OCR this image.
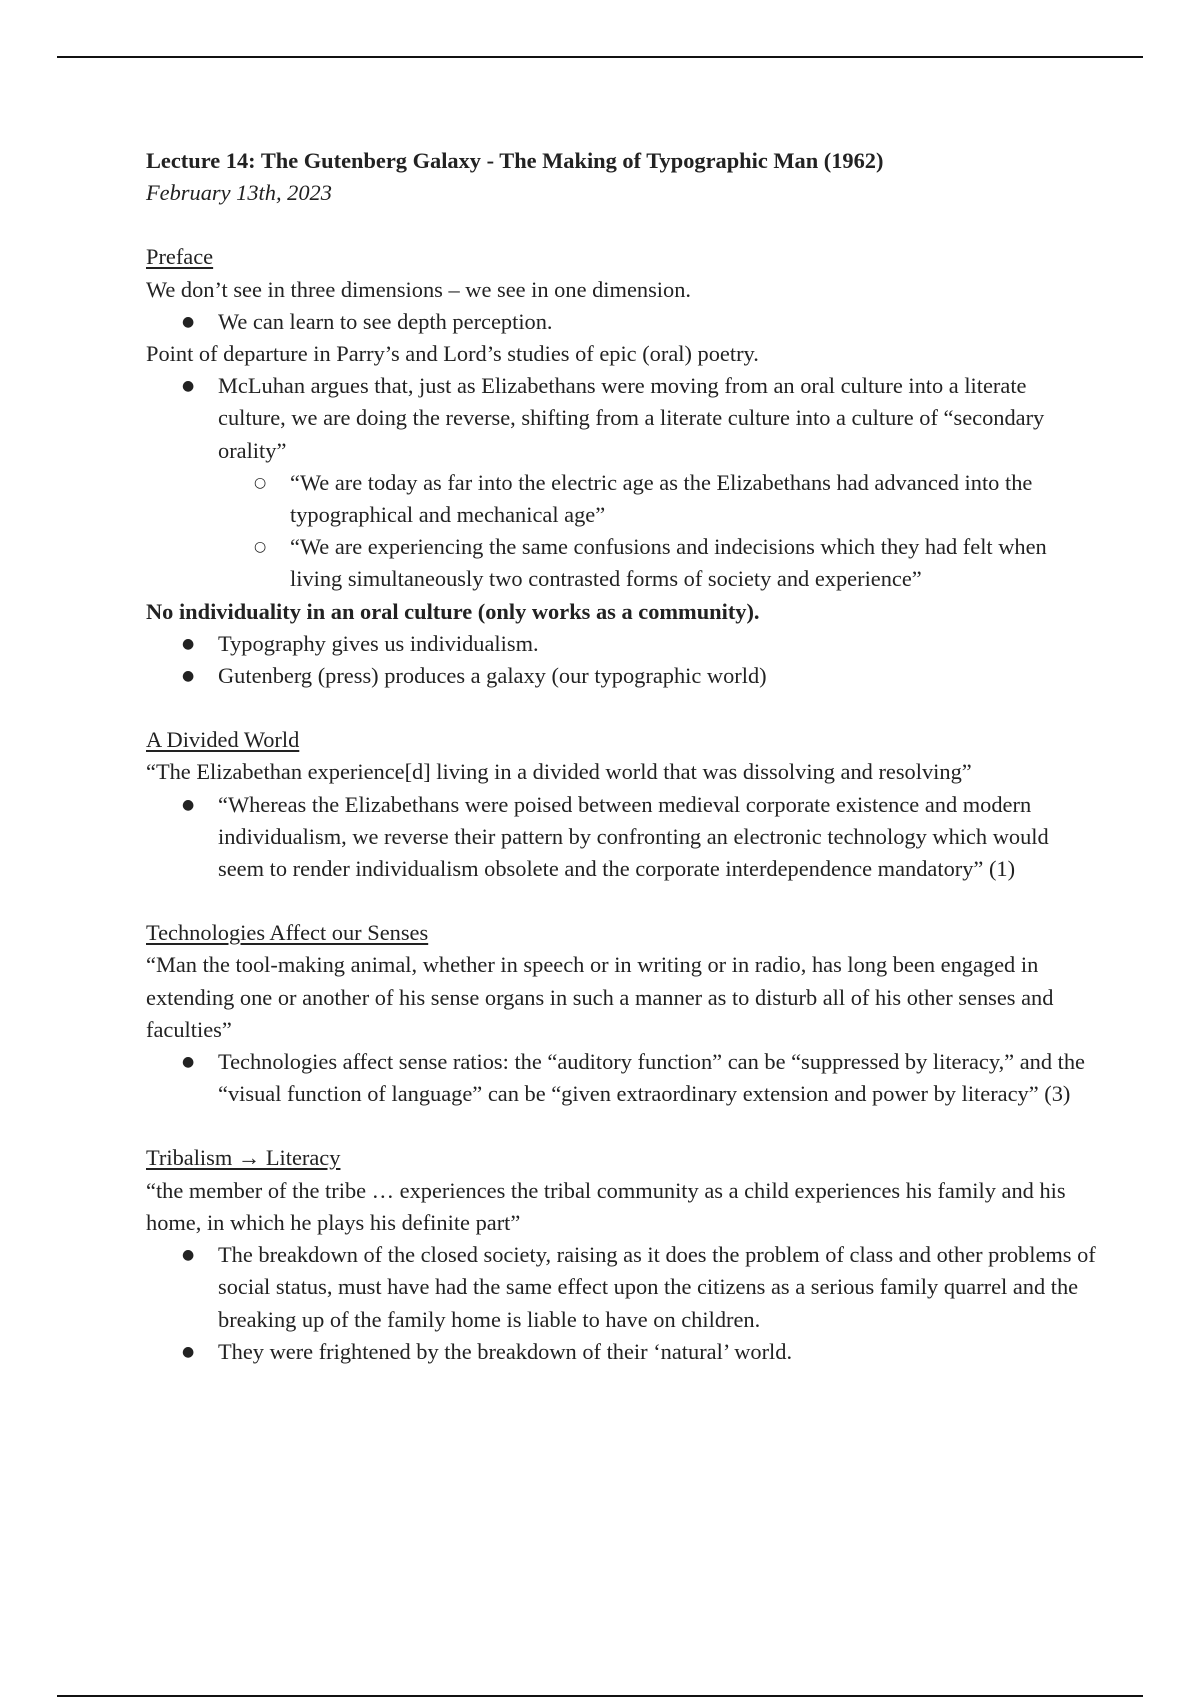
Lecture 14: The Gutenberg Galaxy - The Making of Typographic Man (1962)
February 13th, 2023
Preface
We don’t see in three dimensions – we see in one dimension.
● We can learn to see depth perception.
Point of departure in Parry’s and Lord’s studies of epic (oral) poetry.
● McLuhan argues that, just as Elizabethans were moving from an oral culture into a literate culture, we are doing the reverse, shifting from a literate culture into a culture of “secondary orality”
○ “We are today as far into the electric age as the Elizabethans had advanced into the typographical and mechanical age”
○ “We are experiencing the same confusions and indecisions which they had felt when living simultaneously two contrasted forms of society and experience”
No individuality in an oral culture (only works as a community).
● Typography gives us individualism.
● Gutenberg (press) produces a galaxy (our typographic world)
A Divided World
“The Elizabethan experience[d] living in a divided world that was dissolving and resolving”
● “Whereas the Elizabethans were poised between medieval corporate existence and modern individualism, we reverse their pattern by confronting an electronic technology which would seem to render individualism obsolete and the corporate interdependence mandatory” (1)
Technologies Affect our Senses
“Man the tool-making animal, whether in speech or in writing or in radio, has long been engaged in extending one or another of his sense organs in such a manner as to disturb all of his other senses and faculties”
● Technologies affect sense ratios: the “auditory function” can be “suppressed by literacy,” and the “visual function of language” can be “given extraordinary extension and power by literacy” (3)
Tribalism → Literacy
“the member of the tribe … experiences the tribal community as a child experiences his family and his home, in which he plays his definite part”
● The breakdown of the closed society, raising as it does the problem of class and other problems of social status, must have had the same effect upon the citizens as a serious family quarrel and the breaking up of the family home is liable to have on children.
● They were frightened by the breakdown of their ‘natural’ world.
